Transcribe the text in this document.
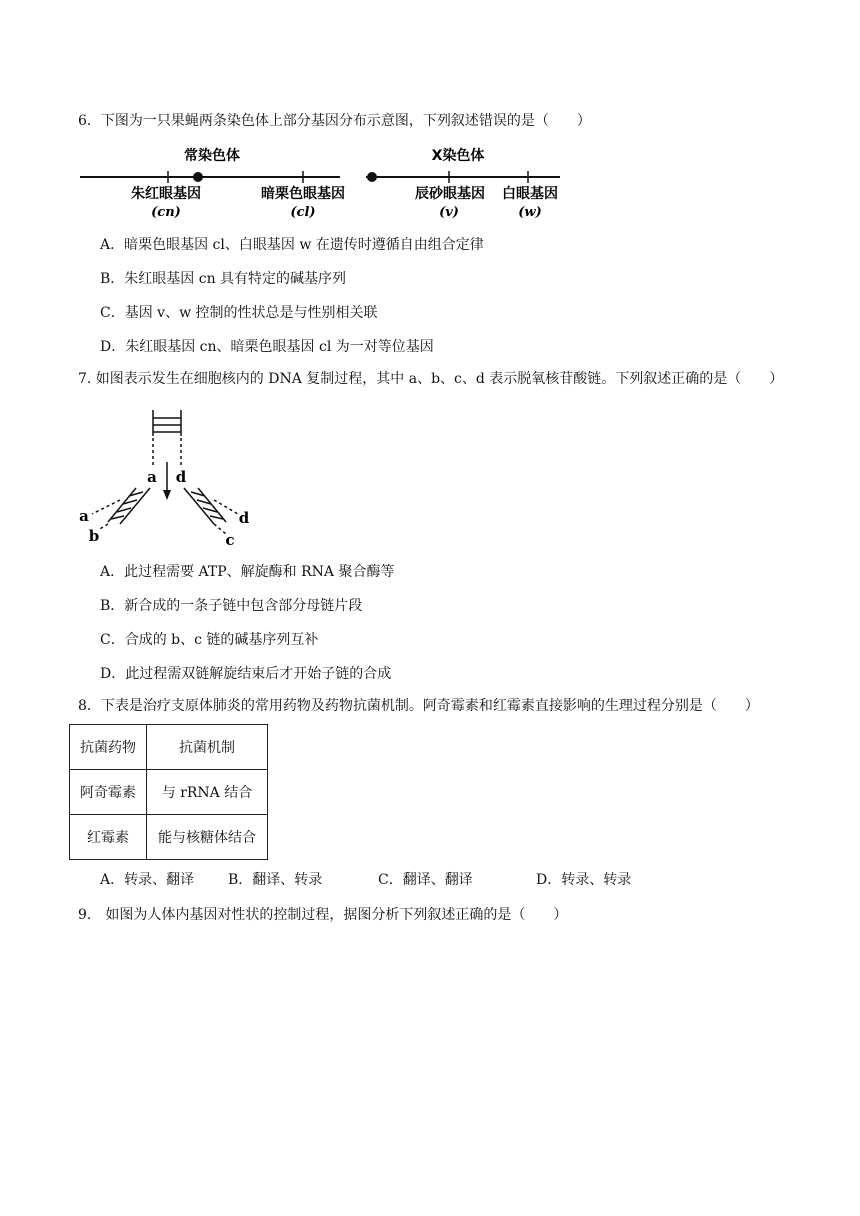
6．下图为一只果蝇两条染色体上部分基因分布示意图，下列叙述错误的是（　　）
常染色体
朱红眼基因
(cn)
暗栗色眼基因
(cl)
X染色体
辰砂眼基因
(v)
白眼基因
(w)
A．暗栗色眼基因 cl、白眼基因 w 在遗传时遵循自由组合定律
B．朱红眼基因 cn 具有特定的碱基序列
C．基因 v、w 控制的性状总是与性别相关联
D．朱红眼基因 cn、暗栗色眼基因 cl 为一对等位基因
7. 如图表示发生在细胞核内的 DNA 复制过程，其中 a、b、c、d 表示脱氧核苷酸链。下列叙述正确的是（　　）
a d
a
b
d
c
A．此过程需要 ATP、解旋酶和 RNA 聚合酶等
B．新合成的一条子链中包含部分母链片段
C．合成的 b、c 链的碱基序列互补
D．此过程需双链解旋结束后才开始子链的合成
8．下表是治疗支原体肺炎的常用药物及药物抗菌机制。阿奇霉素和红霉素直接影响的生理过程分别是（　　）
抗菌药物	抗菌机制
阿奇霉素	与 rRNA 结合
红霉素	能与核糖体结合
A．转录、翻译 B．翻译、转录	C．翻译、翻译	D．转录、转录
9． 如图为人体内基因对性状的控制过程，据图分析下列叙述正确的是（　　）
